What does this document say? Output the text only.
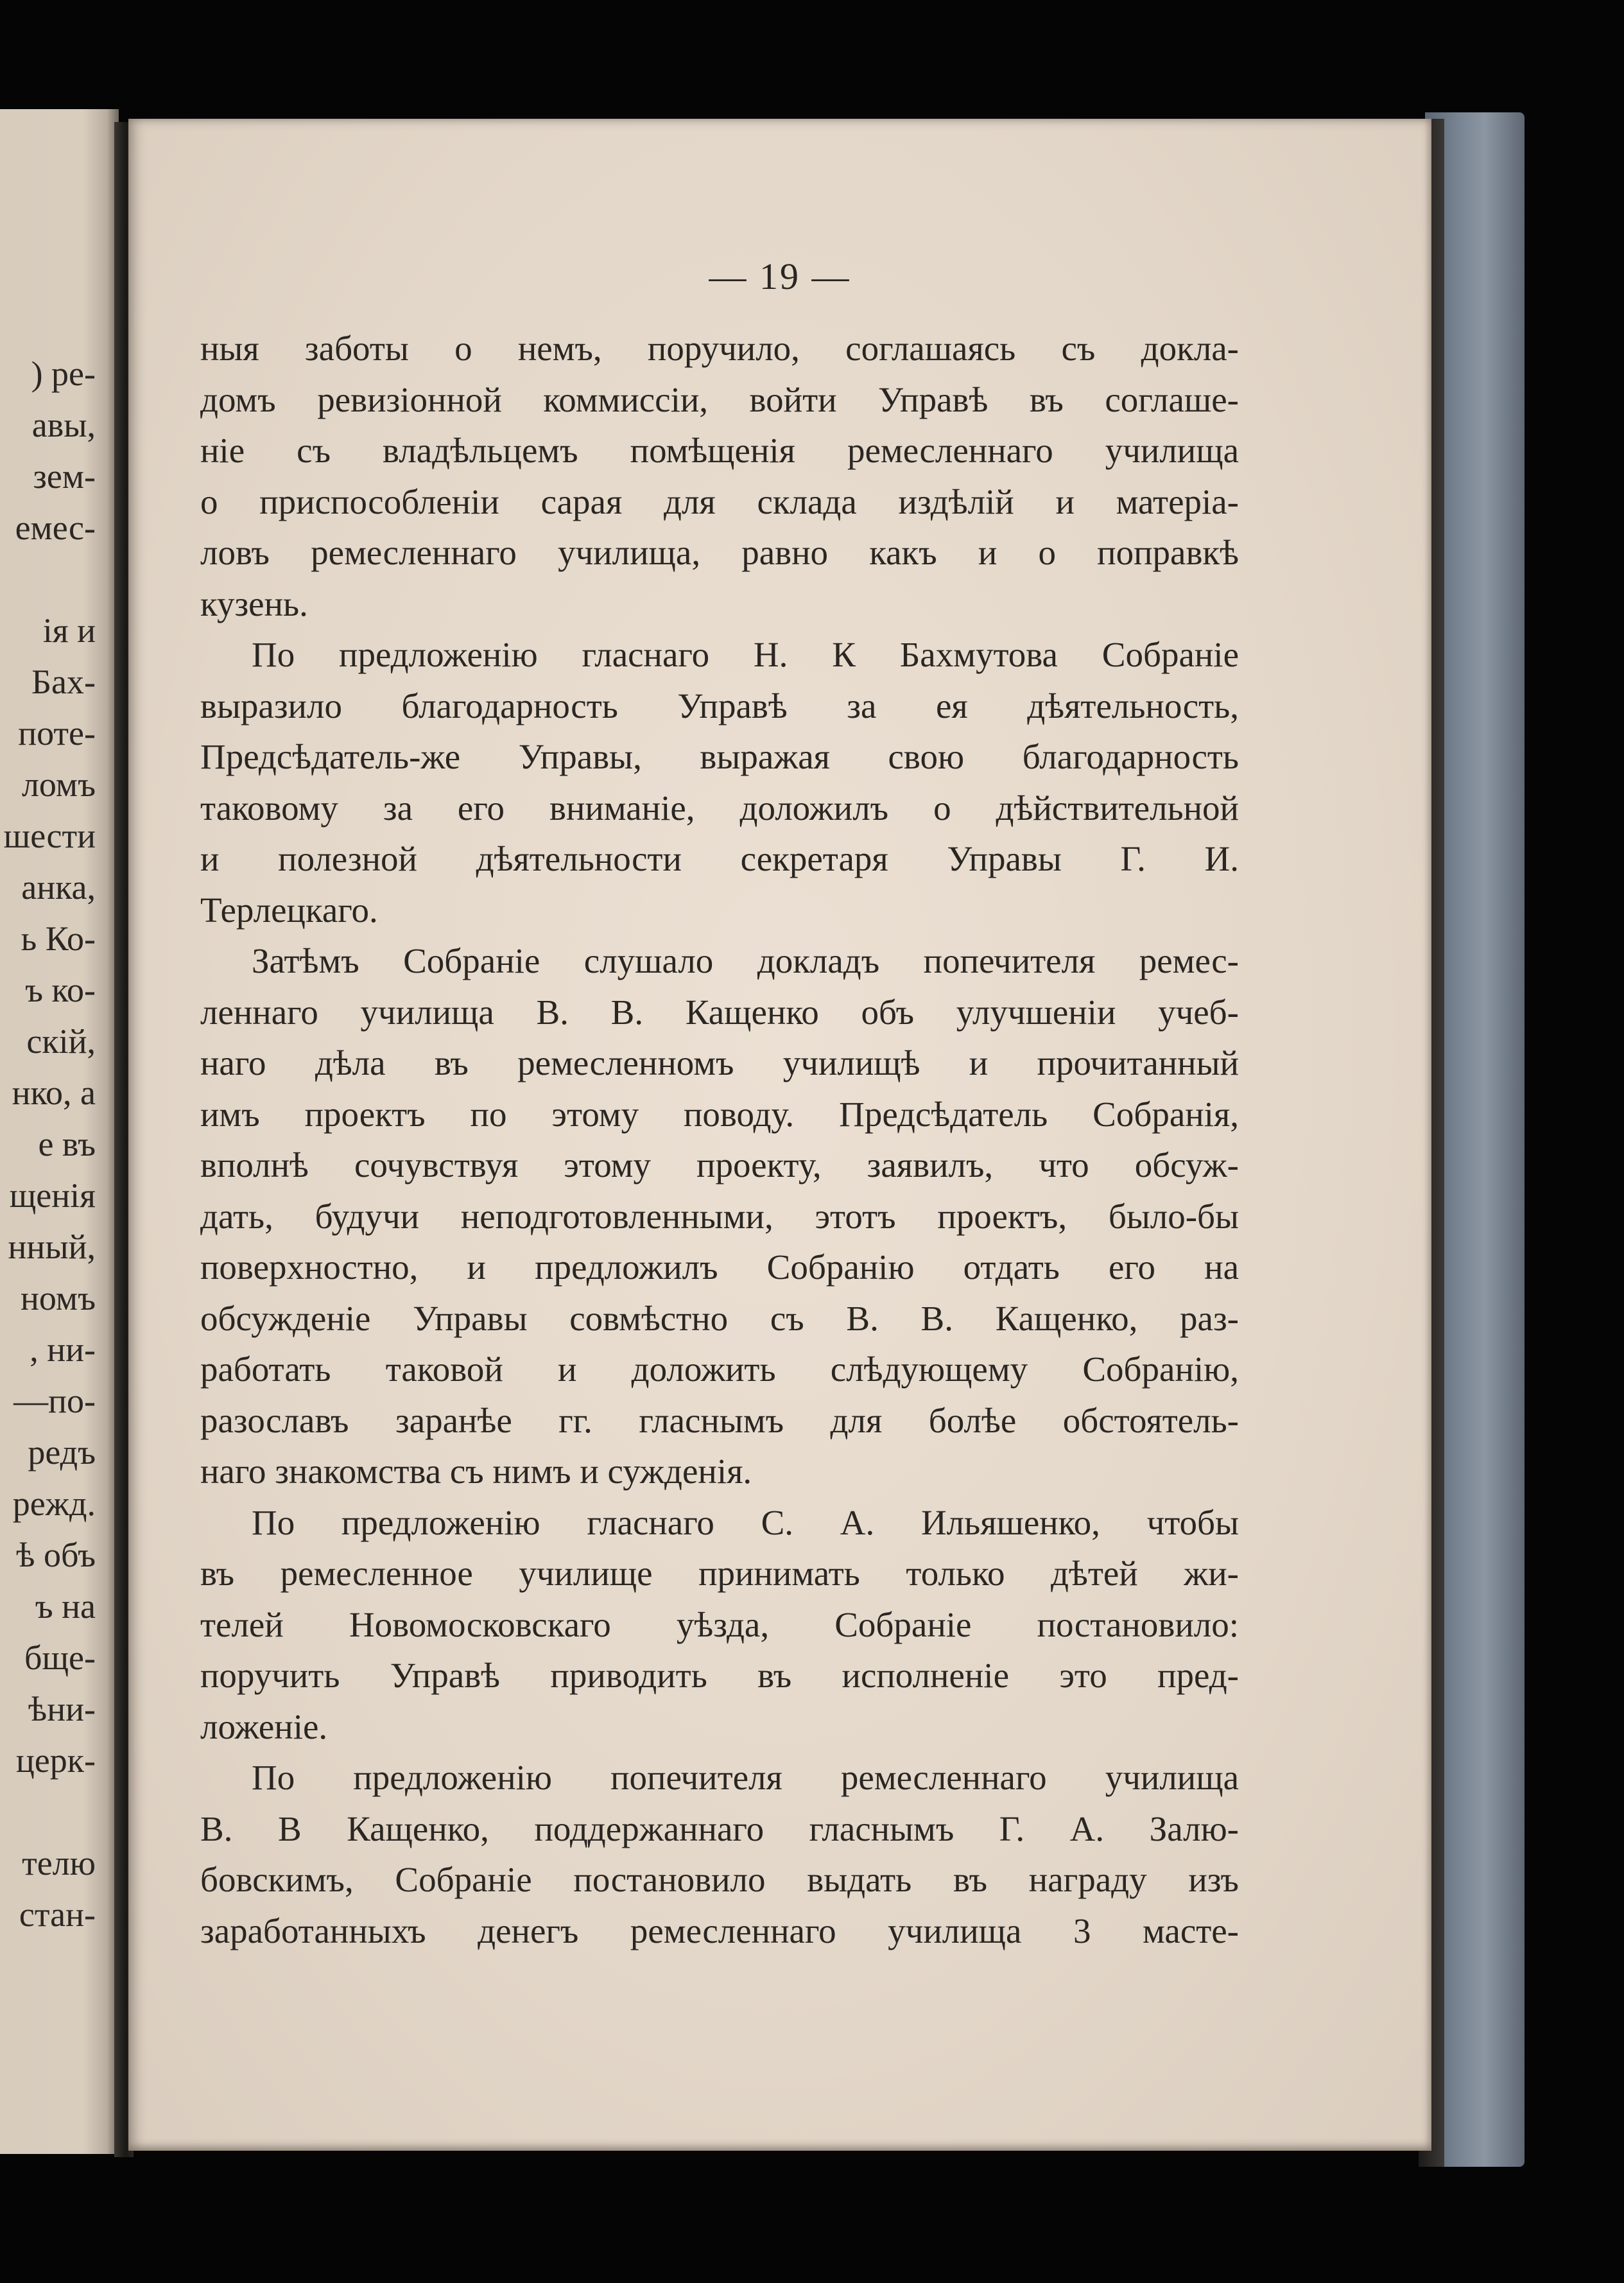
) ре-
авы,
зем-
емес-
ія и
Бах-
поте-
ломъ
шести
анка,
ь Ко-
ъ ко-
скій,
нко, а
е въ
щенія
нный,
номъ
, ни-
—по-
редъ
режд.
ѣ объ
ъ на
бще-
ѣни-
церк-
телю
стан-
— 19 —
ныя заботы о немъ, поручило, соглашаясь съ докла-
домъ ревизіонной коммиссіи, войти Управѣ въ соглаше-
ніе съ владѣльцемъ помѣщенія ремесленнаго училища
о приспособленіи сарая для склада издѣлій и матеріа-
ловъ ремесленнаго училища, равно какъ и о поправкѣ
кузень.
По предложенію гласнаго Н. К Бахмутова Собраніе
выразило благодарность Управѣ за ея дѣятельность,
Предсѣдатель-же Управы, выражая свою благодарность
таковому за его вниманіе, доложилъ о дѣйствительной
и полезной дѣятельности секретаря Управы Г. И.
Терлецкаго.
Затѣмъ Собраніе слушало докладъ попечителя ремес-
леннаго училища В. В. Кащенко объ улучшеніи учеб-
наго дѣла въ ремесленномъ училищѣ и прочитанный
имъ проектъ по этому поводу. Предсѣдатель Собранія,
вполнѣ сочувствуя этому проекту, заявилъ, что обсуж-
дать, будучи неподготовленными, этотъ проектъ, было-бы
поверхностно, и предложилъ Собранію отдать его на
обсужденіе Управы совмѣстно съ В. В. Кащенко, раз-
работать таковой и доложить слѣдующему Собранію,
разославъ заранѣе гг. гласнымъ для болѣе обстоятель-
наго знакомства съ нимъ и сужденія.
По предложенію гласнаго С. А. Ильяшенко, чтобы
въ ремесленное училище принимать только дѣтей жи-
телей Новомосковскаго уѣзда, Собраніе постановило:
поручить Управѣ приводить въ исполненіе это пред-
ложеніе.
По предложенію попечителя ремесленнаго училища
В. В Кащенко, поддержаннаго гласнымъ Г. А. Залю-
бовскимъ, Собраніе постановило выдать въ награду изъ
заработанныхъ денегъ ремесленнаго училища 3 масте-
